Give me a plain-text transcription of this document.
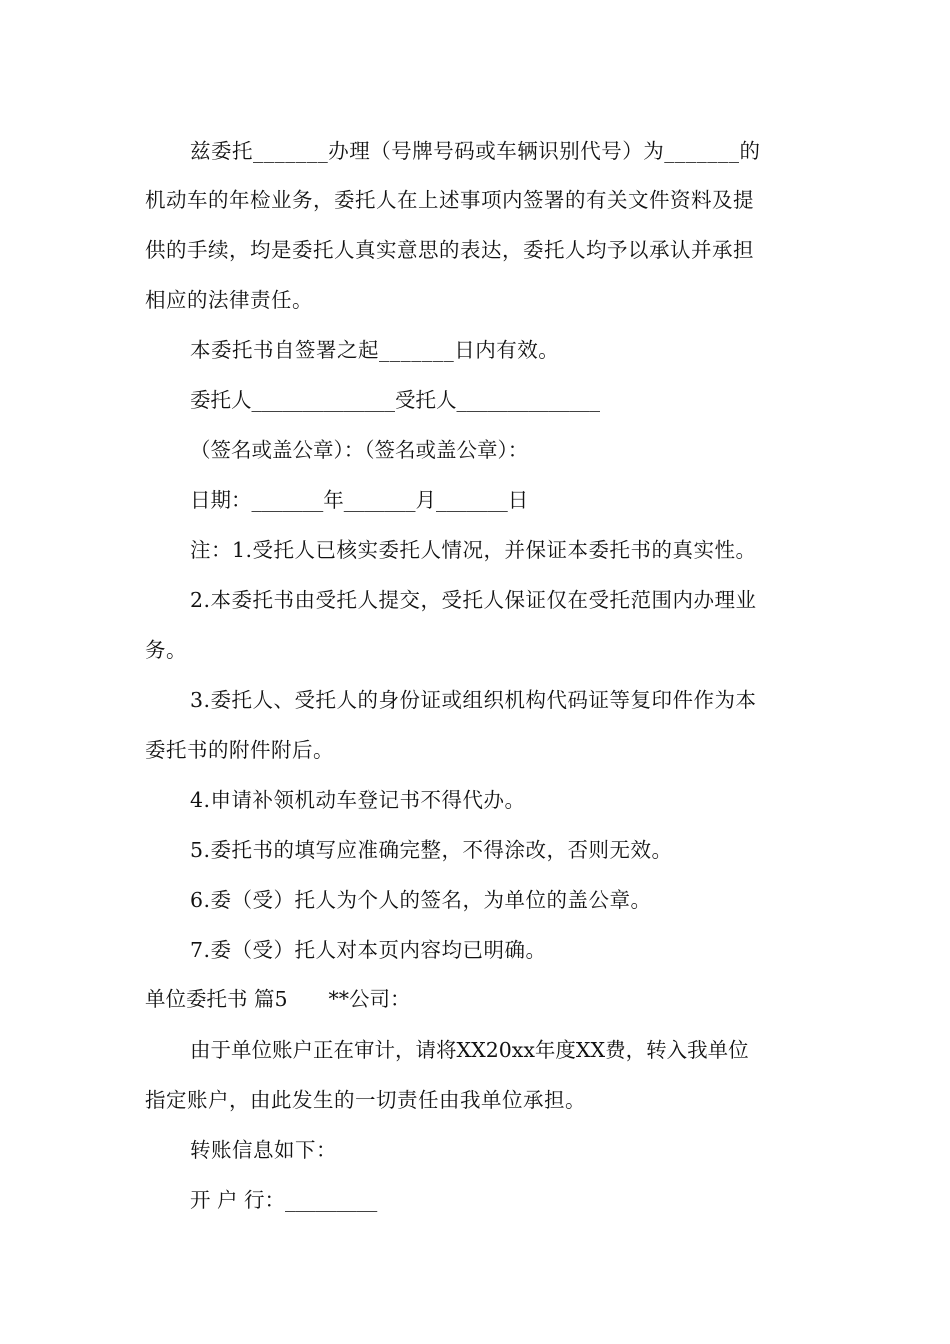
兹委托_______办理（号牌号码或车辆识别代号）为_______的
机动车的年检业务，委托人在上述事项内签署的有关文件资料及提
供的手续，均是委托人真实意思的表达，委托人均予以承认并承担
相应的法律责任。
本委托书自签署之起_______日内有效。
委托人______________受托人______________
（签名或盖公章）：（签名或盖公章）：
日期：_______年_______月_______日
注：1.受托人已核实委托人情况，并保证本委托书的真实性。
2.本委托书由受托人提交，受托人保证仅在受托范围内办理业
务。
3.委托人、受托人的身份证或组织机构代码证等复印件作为本
委托书的附件附后。
4.申请补领机动车登记书不得代办。
5.委托书的填写应准确完整，不得涂改，否则无效。
6.委（受）托人为个人的签名，为单位的盖公章。
7.委（受）托人对本页内容均已明确。
单位委托书 篇5　　**公司：
由于单位账户正在审计，请将XX20xx年度XX费，转入我单位
指定账户，由此发生的一切责任由我单位承担。
转账信息如下：
开 户 行：_________
